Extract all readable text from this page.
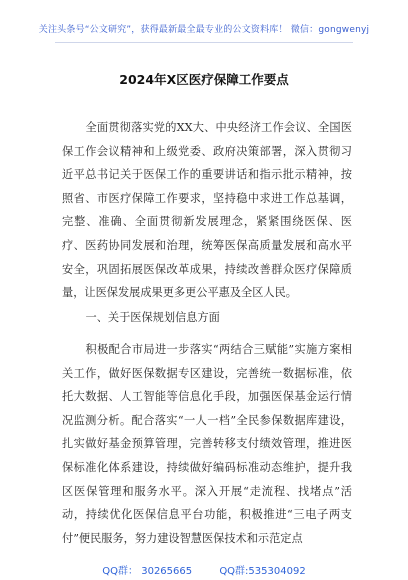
关注头条号“公文研究”，获得最新最全最专业的公文资料库！ 微信：gongwenyj
2024年X区医疗保障工作要点

全面贯彻落实党的XX大、中央经济工作会议、全国医保工作会议精神和上级党委、政府决策部署，深入贯彻习近平总书记关于医保工作的重要讲话和指示批示精神，按照省、市医疗保障工作要求，坚持稳中求进工作总基调，完整、准确、全面贯彻新发展理念，紧紧围绕医保、医疗、医药协同发展和治理，统筹医保高质量发展和高水平安全，巩固拓展医保改革成果，持续改善群众医疗保障质量，让医保发展成果更多更公平惠及全区人民。

一、关于医保规划信息方面

积极配合市局进一步落实“两结合三赋能”实施方案相关工作，做好医保数据专区建设，完善统一数据标准，依托大数据、人工智能等信息化手段，加强医保基金运行情况监测分析。配合落实“一人一档”全民参保数据库建设，扎实做好基金预算管理，完善转移支付绩效管理，推进医保标准化体系建设，持续做好编码标准动态维护，提升我区医保管理和服务水平。深入开展“走流程、找堵点”活动，持续优化医保信息平台功能，积极推进“三电子两支付”便民服务，努力建设智慧医保技术和示范定点

QQ群： 30265665	QQ群:535304092
